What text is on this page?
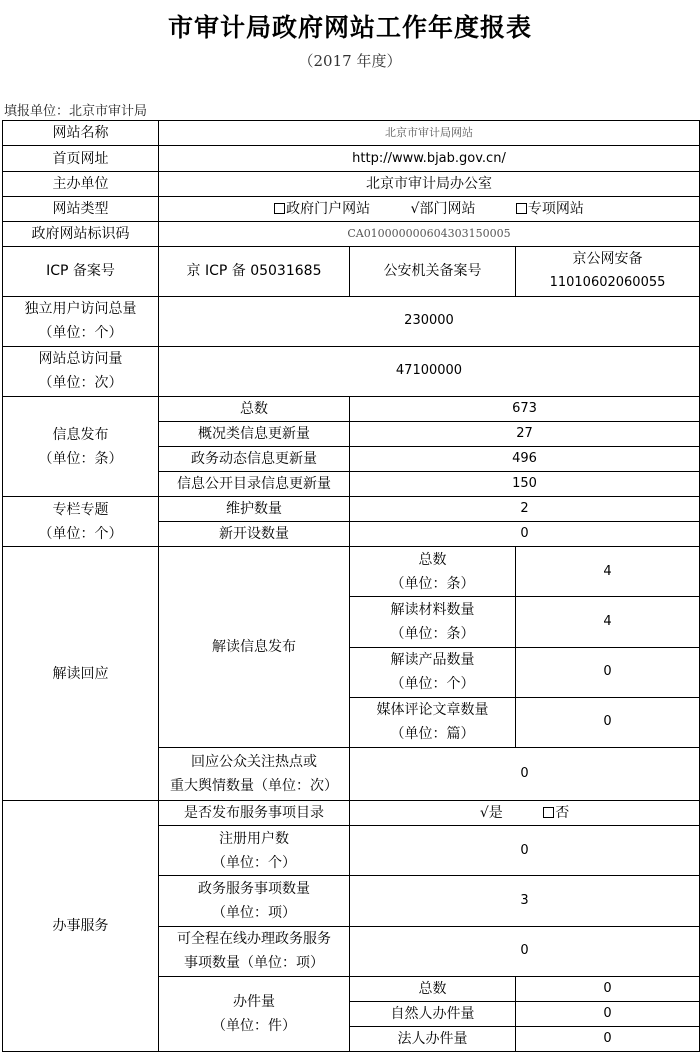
市审计局政府网站工作年度报表
（2017 年度）
填报单位：北京市审计局
网站名称	北京市审计局网站		
首页网址	http://www.bjab.gov.cn/		
主办单位	北京市审计局办公室		
网站类型	政府门户网站 √部门网站 专项网站		
政府网站标识码	CA010000000604303150005		
ICP 备案号	京 ICP 备 05031685	公安机关备案号	京公网安备
11010602060055

独立用户访问总量
（单位：个）	230000		

网站总访问量
（单位：次）	47100000		

信息发布
（单位：条）	总数	673	
	概况类信息更新量	27	
	政务动态信息更新量	496	
	信息公开目录信息更新量	150	

专栏专题
（单位：个）	维护数量	2	
	新开设数量	0	
解读回应	解读信息发布	总数
（单位：条）	4

		解读材料数量
（单位：条）	4

		解读产品数量
（单位：个）	0

		媒体评论文章数量
（单位：篇）	0

	回应公众关注热点或
重大舆情数量（单位：次）	0	
办事服务	是否发布服务事项目录	√是 否	

	注册用户数
（单位：个）	0	

	政务服务事项数量
（单位：项）	3	

	可全程在线办理政务服务
事项数量（单位：项）	0	

	办件量
（单位：件）	总数	0
		自然人办件量	0
		法人办件量	0
